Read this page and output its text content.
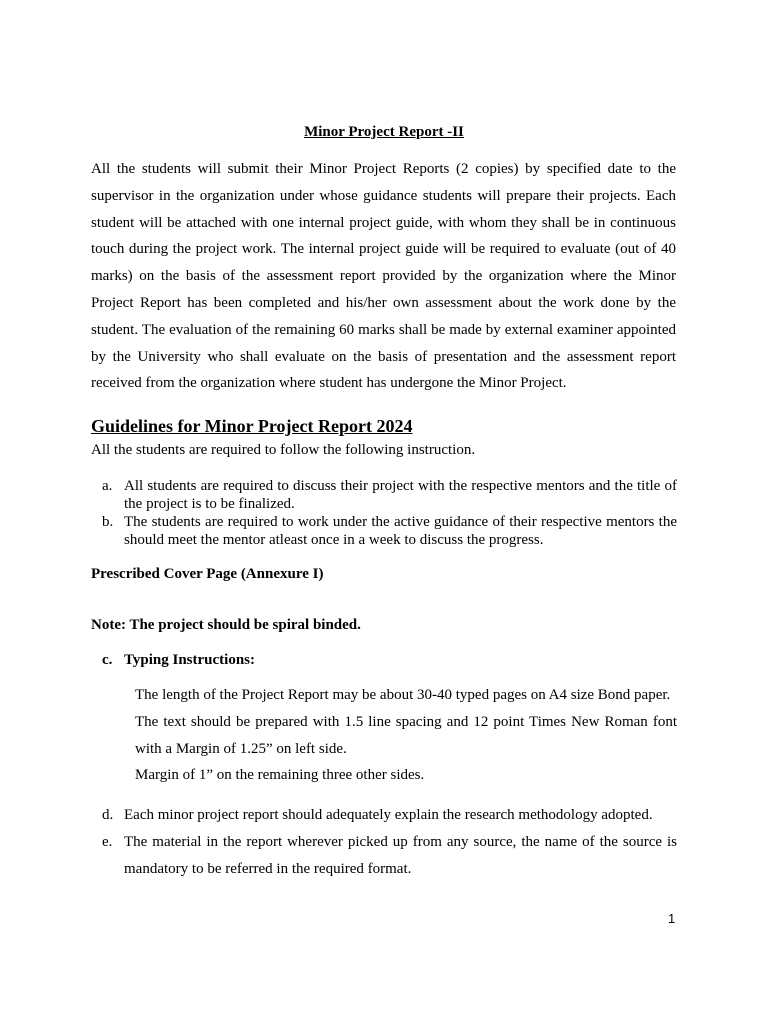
Minor Project Report -II

All the students will submit their Minor Project Reports (2 copies) by specified date to the supervisor in the organization under whose guidance students will prepare their projects. Each student will be attached with one internal project guide, with whom they shall be in continuous touch during the project work. The internal project guide will be required to evaluate (out of 40 marks) on the basis of the assessment report provided by the organization where the Minor Project Report has been completed and his/her own assessment about the work done by the student. The evaluation of the remaining 60 marks shall be made by external examiner appointed by the University who shall evaluate on the basis of presentation and the assessment report received from the organization where student has undergone the Minor Project.

Guidelines for Minor Project Report 2024

All the students are required to follow the following instruction.

a. All students are required to discuss their project with the respective mentors and the title of the project is to be finalized.
b. The students are required to work under the active guidance of their respective mentors the should meet the mentor atleast once in a week to discuss the progress.

Prescribed Cover Page (Annexure I)

Note: The project should be spiral binded.

c. Typing Instructions:

The length of the Project Report may be about 30-40 typed pages on A4 size Bond paper.

The text should be prepared with 1.5 line spacing and 12 point Times New Roman font with a Margin of 1.25” on left side.

Margin of 1” on the remaining three other sides.

d. Each minor project report should adequately explain the research methodology adopted.
e. The material in the report wherever picked up from any source, the name of the source is mandatory to be referred in the required format.

1
